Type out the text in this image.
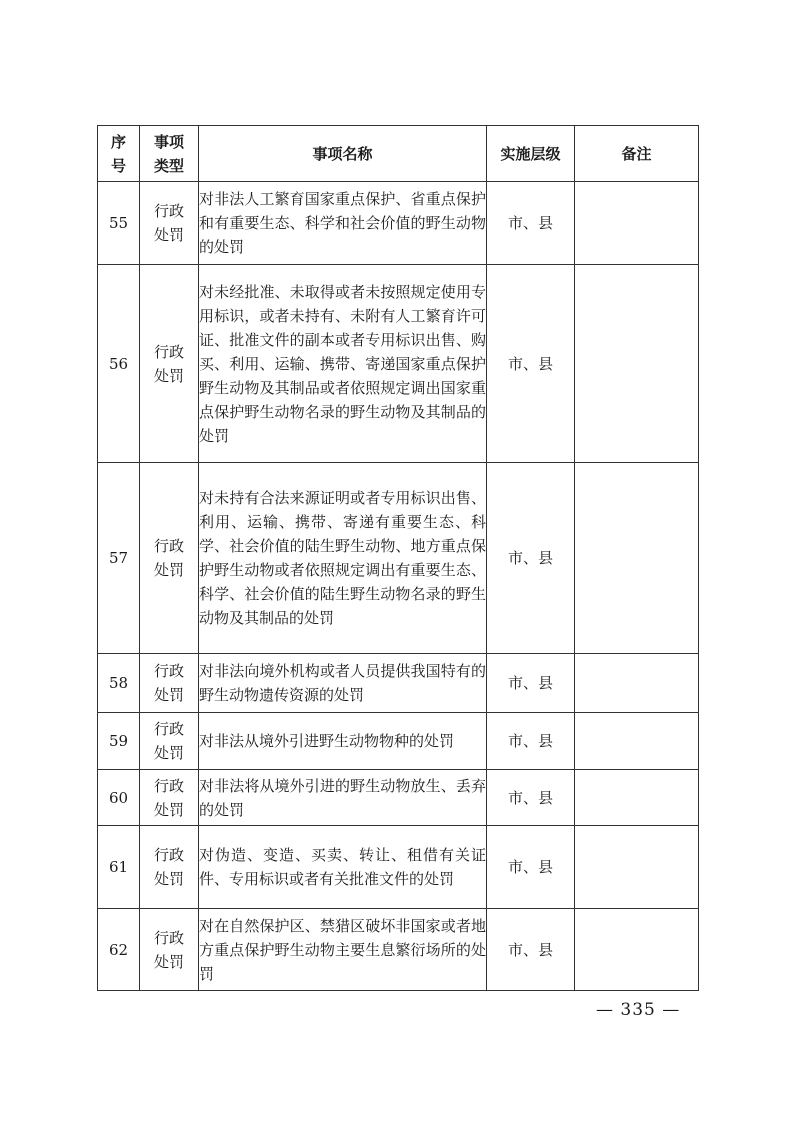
序号	事项类型	事项名称	实施层级	备注
55	行政处罚	对非法人工繁育国家重点保护、省重点保护和有重要生态、科学和社会价值的野生动物的处罚	市、县	
56	行政处罚	对未经批准、未取得或者未按照规定使用专用标识，或者未持有、未附有人工繁育许可证、批准文件的副本或者专用标识出售、购买、利用、运输、携带、寄递国家重点保护野生动物及其制品或者依照规定调出国家重点保护野生动物名录的野生动物及其制品的处罚	市、县	
57	行政处罚	对未持有合法来源证明或者专用标识出售、利用、运输、携带、寄递有重要生态、科学、社会价值的陆生野生动物、地方重点保护野生动物或者依照规定调出有重要生态、科学、社会价值的陆生野生动物名录的野生动物及其制品的处罚	市、县	
58	行政处罚	对非法向境外机构或者人员提供我国特有的野生动物遗传资源的处罚	市、县	
59	行政处罚	对非法从境外引进野生动物物种的处罚	市、县	
60	行政处罚	对非法将从境外引进的野生动物放生、丢弃的处罚	市、县	
61	行政处罚	对伪造、变造、买卖、转让、租借有关证件、专用标识或者有关批准文件的处罚	市、县	
62	行政处罚	对在自然保护区、禁猎区破坏非国家或者地方重点保护野生动物主要生息繁衍场所的处罚	市、县	
— 335 —
